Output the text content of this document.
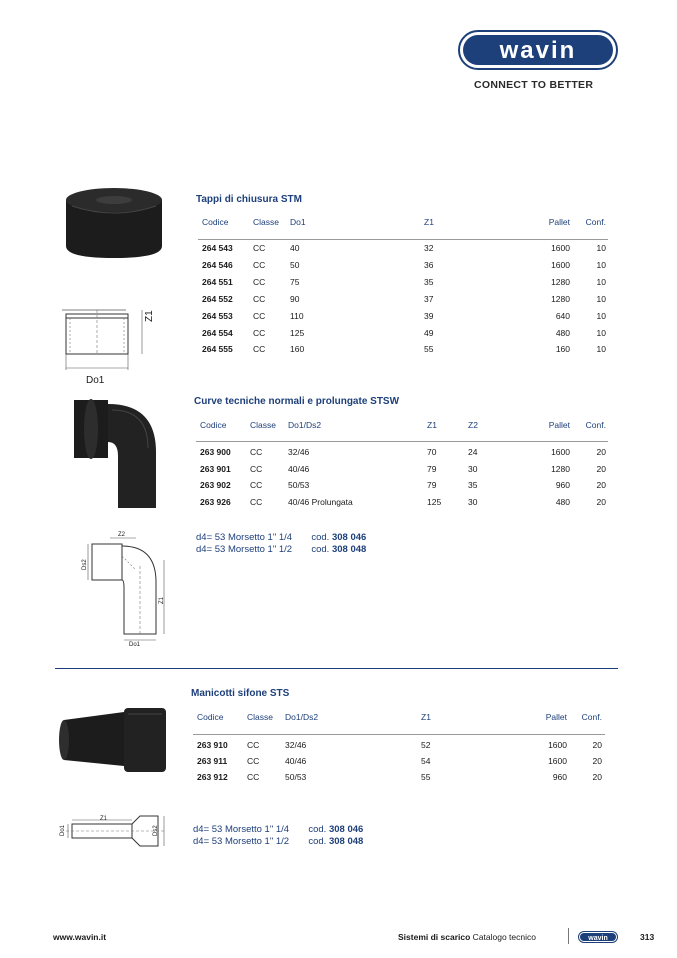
wavin
CONNECT TO BETTER
Z1
Do1
Tappi di chiusura STM
Codice	Classe Do1	Z1	Pallet	Conf.
264 543 CC	40	32	1600	10
264 546 CC	50	36	1600	10
264 551 CC	75	35	1280	10
264 552 CC	90	37	1280	10
264 553 CC	110	39	640	10
264 554 CC	125	49	480	10
264 555 CC	160	55	160	10
Z2
Ds2
Z1
Do1
Curve tecniche normali e prolungate STSW
Codice	Classe Do1/Ds2	Z1	Z2	Pallet	Conf.
263 900 CC	32/46	70	24	1600	20
263 901 CC	40/46	79	30	1280	20
263 902 CC	50/53	79	35	960	20
263 926 CC	40/46 Prolungata	125	30	480	20
d4= 53 Morsetto 1" 1/4 cod. 308 046
d4= 53 Morsetto 1" 1/2 cod. 308 048
Do1
Z1
Ds2
Manicotti sifone STS
Codice	Classe Do1/Ds2	Z1	Pallet	Conf.
263 910 CC	32/46	52	1600	20
263 911 CC	40/46	54	1600	20
263 912 CC	50/53	55	960	20
d4= 53 Morsetto 1" 1/4 cod. 308 046
d4= 53 Morsetto 1" 1/2 cod. 308 048
www.wavin.it	Sistemi di scarico Catalogo tecnico	wavin	313
